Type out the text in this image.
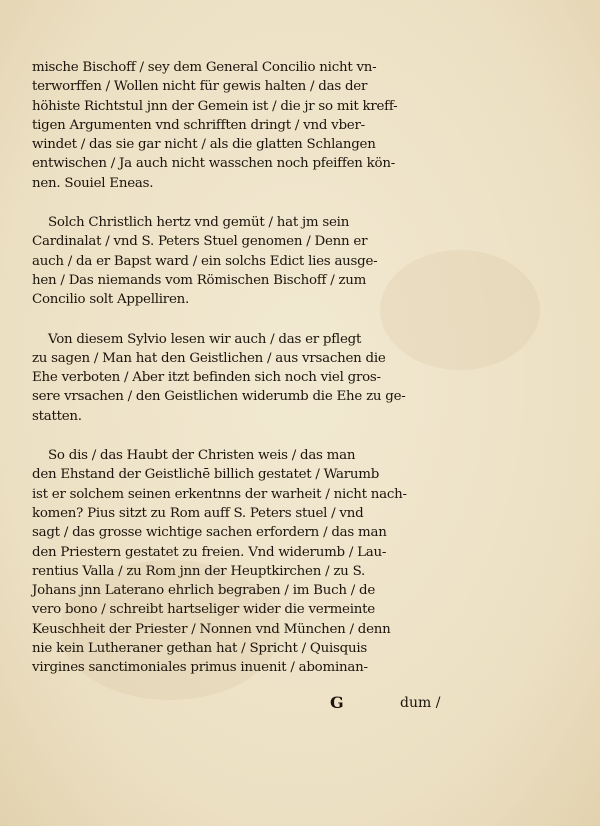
mische Bischoff / sey dem General Concilio nicht vn-
terworffen / Wollen nicht für gewis halten / das der
höhiste Richtstul jnn der Gemein ist / die jr so mit kreff-
tigen Argumenten vnd schrifften dringt / vnd vber-
windet / das sie gar nicht / als die glatten Schlangen
entwischen / Ja auch nicht wasschen noch pfeiffen kön-
nen. Souiel Eneas.
Solch Christlich hertz vnd gemüt / hat jm sein
Cardinalat / vnd S. Peters Stuel genomen / Denn er
auch / da er Bapst ward / ein solchs Edict lies ausge-
hen / Das niemands vom Römischen Bischoff / zum
Concilio solt Appelliren.
Von diesem Sylvio lesen wir auch / das er pflegt
zu sagen / Man hat den Geistlichen / aus vrsachen die
Ehe verboten / Aber itzt befinden sich noch viel gros-
sere vrsachen / den Geistlichen widerumb die Ehe zu ge-
statten.
So dis / das Haubt der Christen weis / das man
den Ehstand der Geistlichē billich gestatet / Warumb
ist er solchem seinen erkentnns der warheit / nicht nach-
komen? Pius sitzt zu Rom auff S. Peters stuel / vnd
sagt / das grosse wichtige sachen erfordern / das man
den Priestern gestatet zu freien. Vnd widerumb / Lau-
rentius Valla / zu Rom jnn der Heuptkirchen / zu S.
Johans jnn Laterano ehrlich begraben / im Buch / de
vero bono / schreibt hartseliger wider die vermeinte
Keuschheit der Priester / Nonnen vnd München / denn
nie kein Lutheraner gethan hat / Spricht / Quisquis
virgines sanctimoniales primus inuenit / abominan-
G	dum /
